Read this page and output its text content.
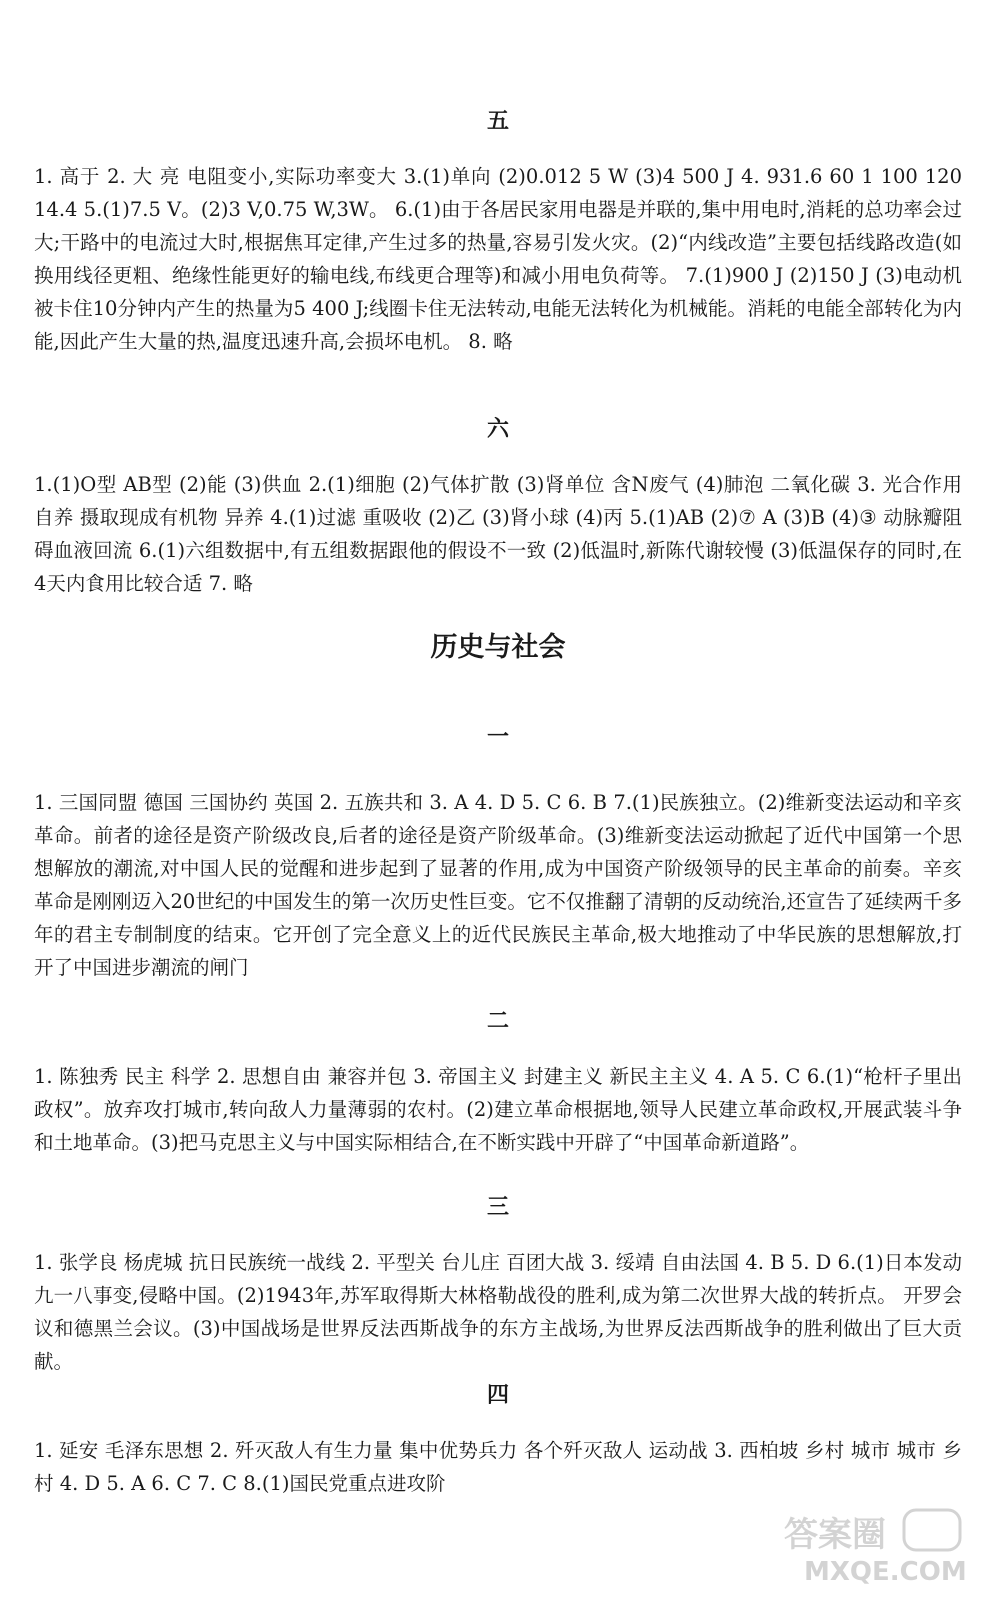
五

1. 高于 2. 大 亮 电阻变小,实际功率变大 3.(1)单向 (2)0.012 5 W (3)4 500 J 4. 931.6 60 1 100 120 14.4 5.(1)7.5 V。(2)3 V,0.75 W,3W。 6.(1)由于各居民家用电器是并联的,集中用电时,消耗的总功率会过大;干路中的电流过大时,根据焦耳定律,产生过多的热量,容易引发火灾。(2)“内线改造”主要包括线路改造(如换用线径更粗、绝缘性能更好的输电线,布线更合理等)和减小用电负荷等。 7.(1)900 J (2)150 J (3)电动机被卡住10分钟内产生的热量为5 400 J;线圈卡住无法转动,电能无法转化为机械能。消耗的电能全部转化为内能,因此产生大量的热,温度迅速升高,会损坏电机。 8. 略

六

1.(1)O型 AB型 (2)能 (3)供血 2.(1)细胞 (2)气体扩散 (3)肾单位 含N废气 (4)肺泡 二氧化碳 3. 光合作用 自养 摄取现成有机物 异养 4.(1)过滤 重吸收 (2)乙 (3)肾小球 (4)丙 5.(1)AB (2)⑦ A (3)B (4)③ 动脉瓣阻碍血液回流 6.(1)六组数据中,有五组数据跟他的假设不一致 (2)低温时,新陈代谢较慢 (3)低温保存的同时,在4天内食用比较合适 7. 略

历史与社会

一

1. 三国同盟 德国 三国协约 英国 2. 五族共和 3. A 4. D 5. C 6. B 7.(1)民族独立。(2)维新变法运动和辛亥革命。前者的途径是资产阶级改良,后者的途径是资产阶级革命。(3)维新变法运动掀起了近代中国第一个思想解放的潮流,对中国人民的觉醒和进步起到了显著的作用,成为中国资产阶级领导的民主革命的前奏。辛亥革命是刚刚迈入20世纪的中国发生的第一次历史性巨变。它不仅推翻了清朝的反动统治,还宣告了延续两千多年的君主专制制度的结束。它开创了完全意义上的近代民族民主革命,极大地推动了中华民族的思想解放,打开了中国进步潮流的闸门

二

1. 陈独秀 民主 科学 2. 思想自由 兼容并包 3. 帝国主义 封建主义 新民主主义 4. A 5. C 6.(1)“枪杆子里出政权”。放弃攻打城市,转向敌人力量薄弱的农村。(2)建立革命根据地,领导人民建立革命政权,开展武装斗争和土地革命。(3)把马克思主义与中国实际相结合,在不断实践中开辟了“中国革命新道路”。

三

1. 张学良 杨虎城 抗日民族统一战线 2. 平型关 台儿庄 百团大战 3. 绥靖 自由法国 4. B 5. D 6.(1)日本发动九一八事变,侵略中国。(2)1943年,苏军取得斯大林格勒战役的胜利,成为第二次世界大战的转折点。 开罗会议和德黑兰会议。(3)中国战场是世界反法西斯战争的东方主战场,为世界反法西斯战争的胜利做出了巨大贡献。

四

1. 延安 毛泽东思想 2. 歼灭敌人有生力量 集中优势兵力 各个歼灭敌人 运动战 3. 西柏坡 乡村 城市 城市 乡村 4. D 5. A 6. C 7. C 8.(1)国民党重点进攻阶

答案圈
MXQE.COM
